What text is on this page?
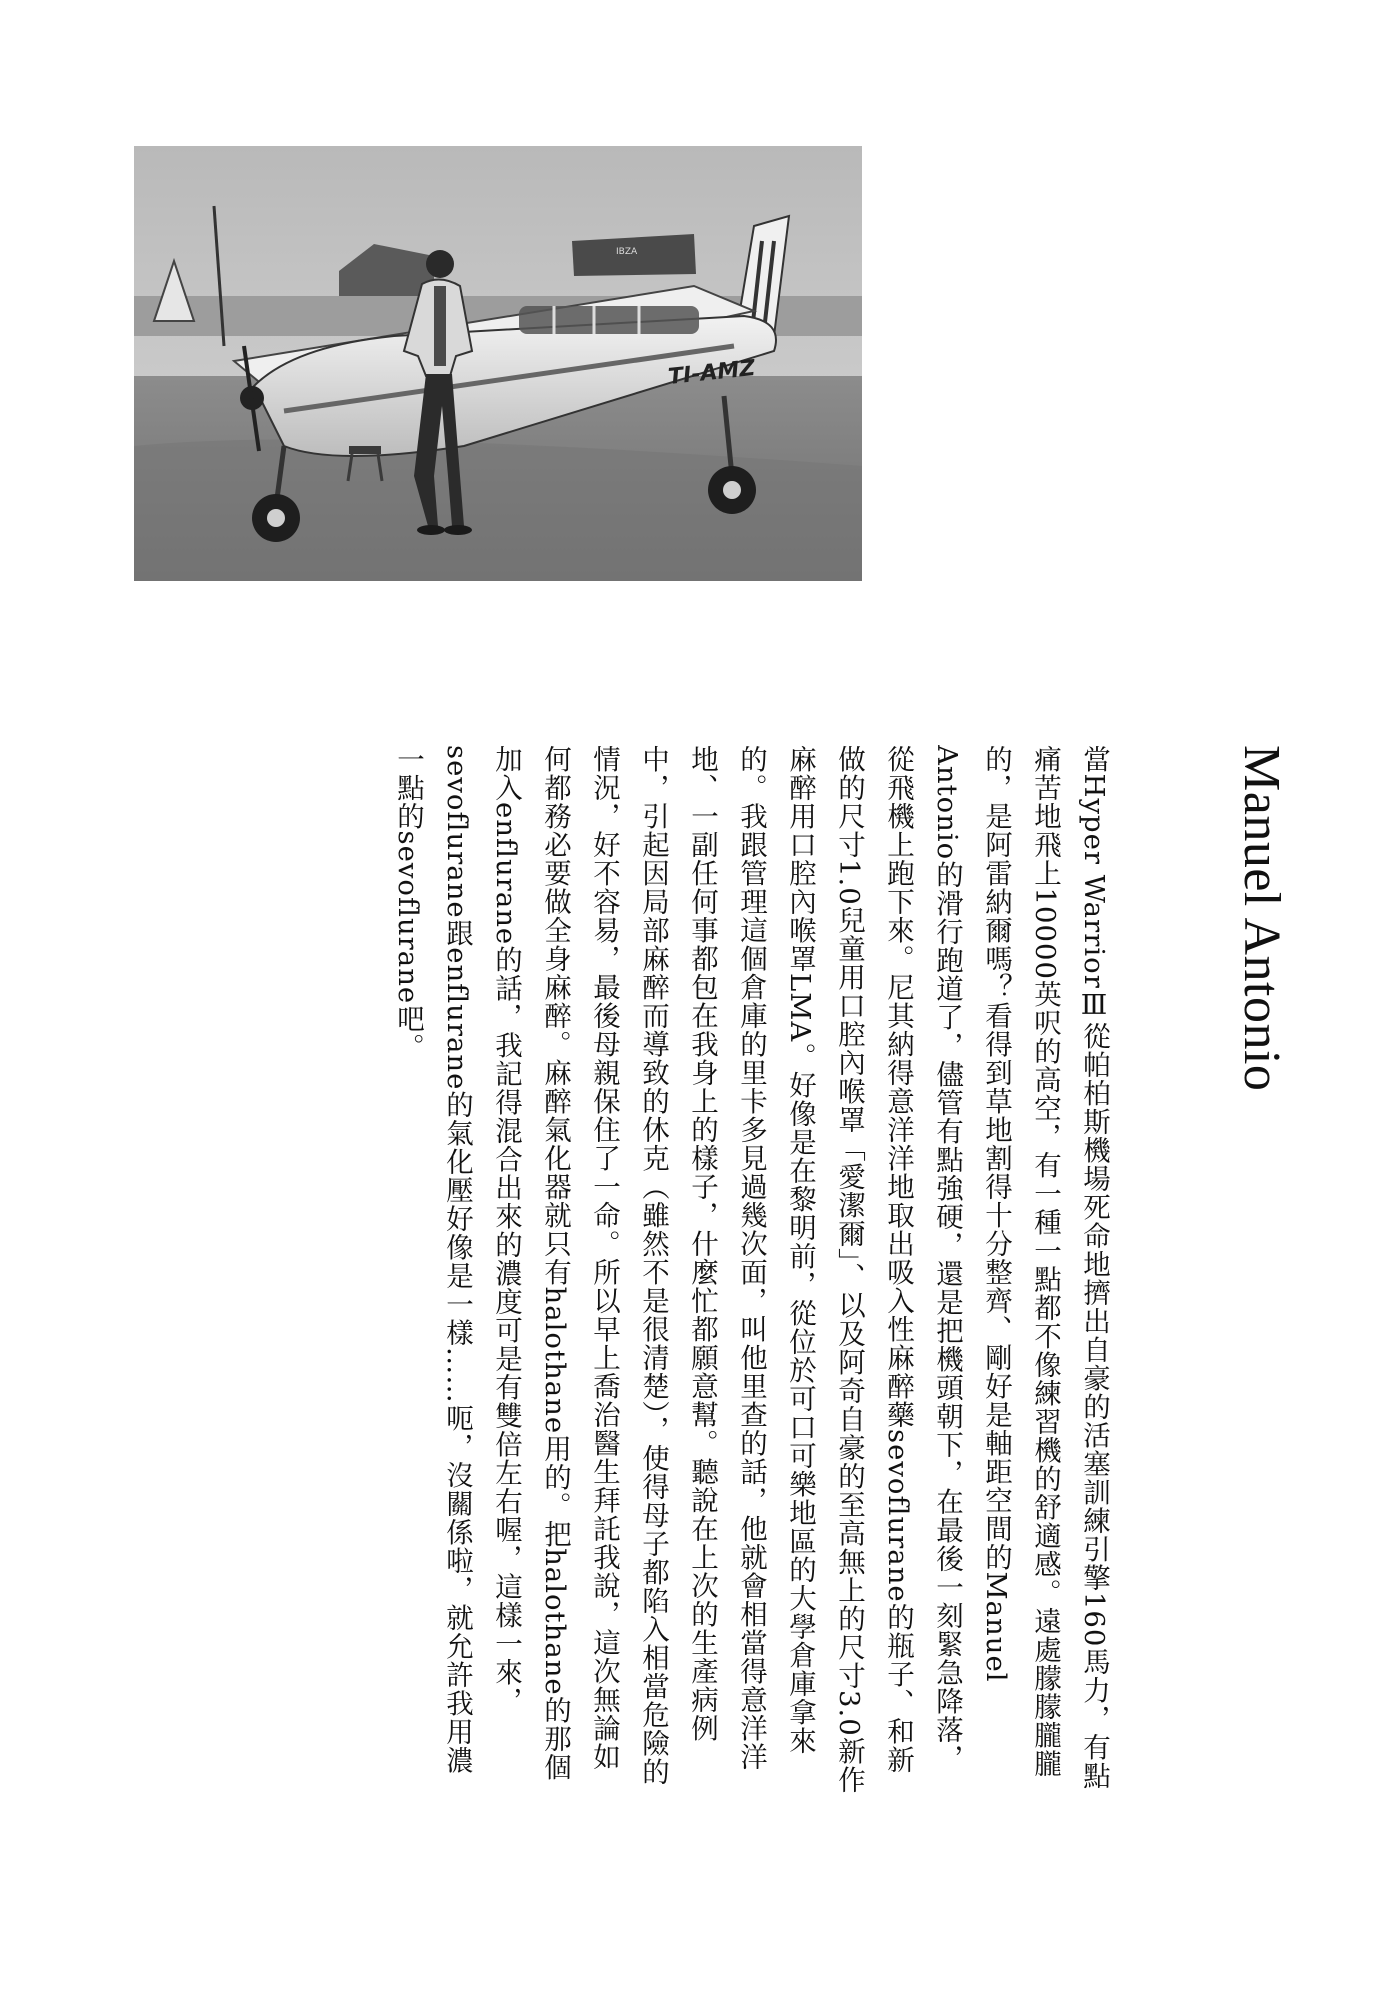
IBZA
TI-AMZ
Manuel Antonio

當Hyper WarriorⅢ從帕柏斯機場死命地擠出自豪的活塞訓練引擎160馬力，有點痛苦地飛上10000英呎的高空，有一種一點都不像練習機的舒適感。遠處朦朦朧朧的，是阿雷納爾嗎？看得到草地割得十分整齊、剛好是軸距空間的Manuel Antonio的滑行跑道了，儘管有點強硬，還是把機頭朝下，在最後一刻緊急降落，從飛機上跑下來。尼其納得意洋洋地取出吸入性麻醉藥sevoflurane的瓶子、和新做的尺寸1.0兒童用口腔內喉罩「愛潔爾」、以及阿奇自豪的至高無上的尺寸3.0新作麻醉用口腔內喉罩LMA。好像是在黎明前，從位於可口可樂地區的大學倉庫拿來的。我跟管理這個倉庫的里卡多見過幾次面，叫他里查的話，他就會相當得意洋洋地、一副任何事都包在我身上的樣子，什麼忙都願意幫。聽說在上次的生產病例中，引起因局部麻醉而導致的休克（雖然不是很清楚），使得母子都陷入相當危險的情況，好不容易，最後母親保住了一命。所以早上喬治醫生拜託我說，這次無論如何都務必要做全身麻醉。麻醉氣化器就只有halothane用的。把halothane的那個加入enflurane的話，我記得混合出來的濃度可是有雙倍左右喔，這樣一來，sevoflurane跟enflurane的氣化壓好像是一樣……呃，沒關係啦，就允許我用濃一點的sevoflurane吧。
